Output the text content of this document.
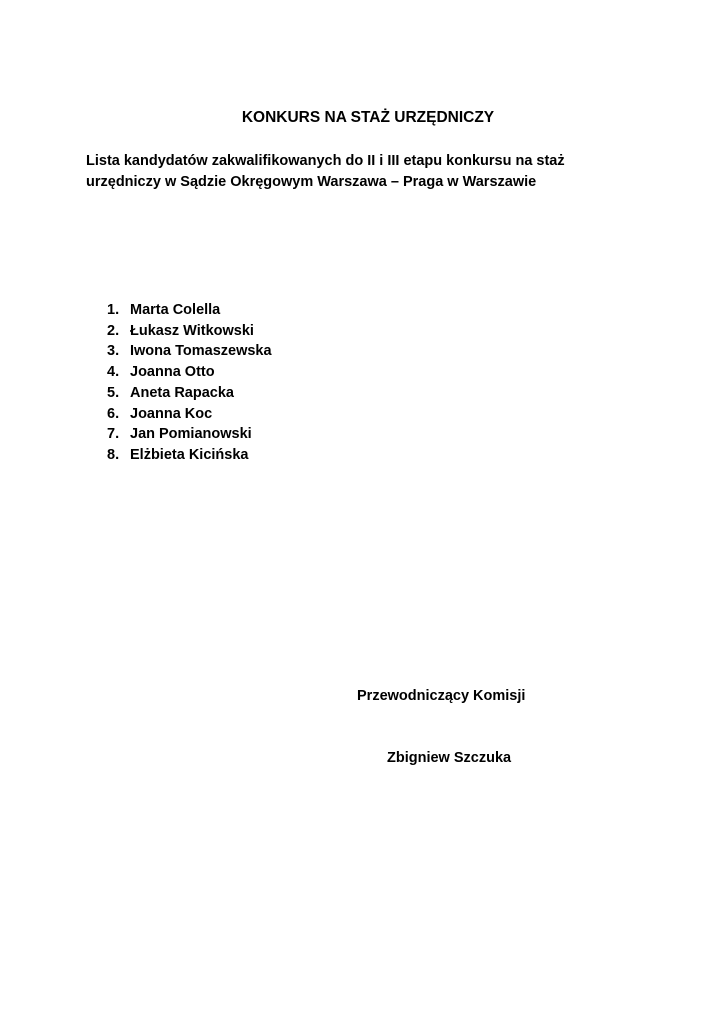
KONKURS NA STAŻ URZĘDNICZY

Lista kandydatów zakwalifikowanych do II i III etapu konkursu na staż
urzędniczy w Sądzie Okręgowym Warszawa – Praga w Warszawie

1. Marta Colella
2. Łukasz Witkowski
3. Iwona Tomaszewska
4. Joanna Otto
5. Aneta Rapacka
6. Joanna Koc
7. Jan Pomianowski
8. Elżbieta Kicińska

Przewodniczący Komisji

Zbigniew Szczuka
